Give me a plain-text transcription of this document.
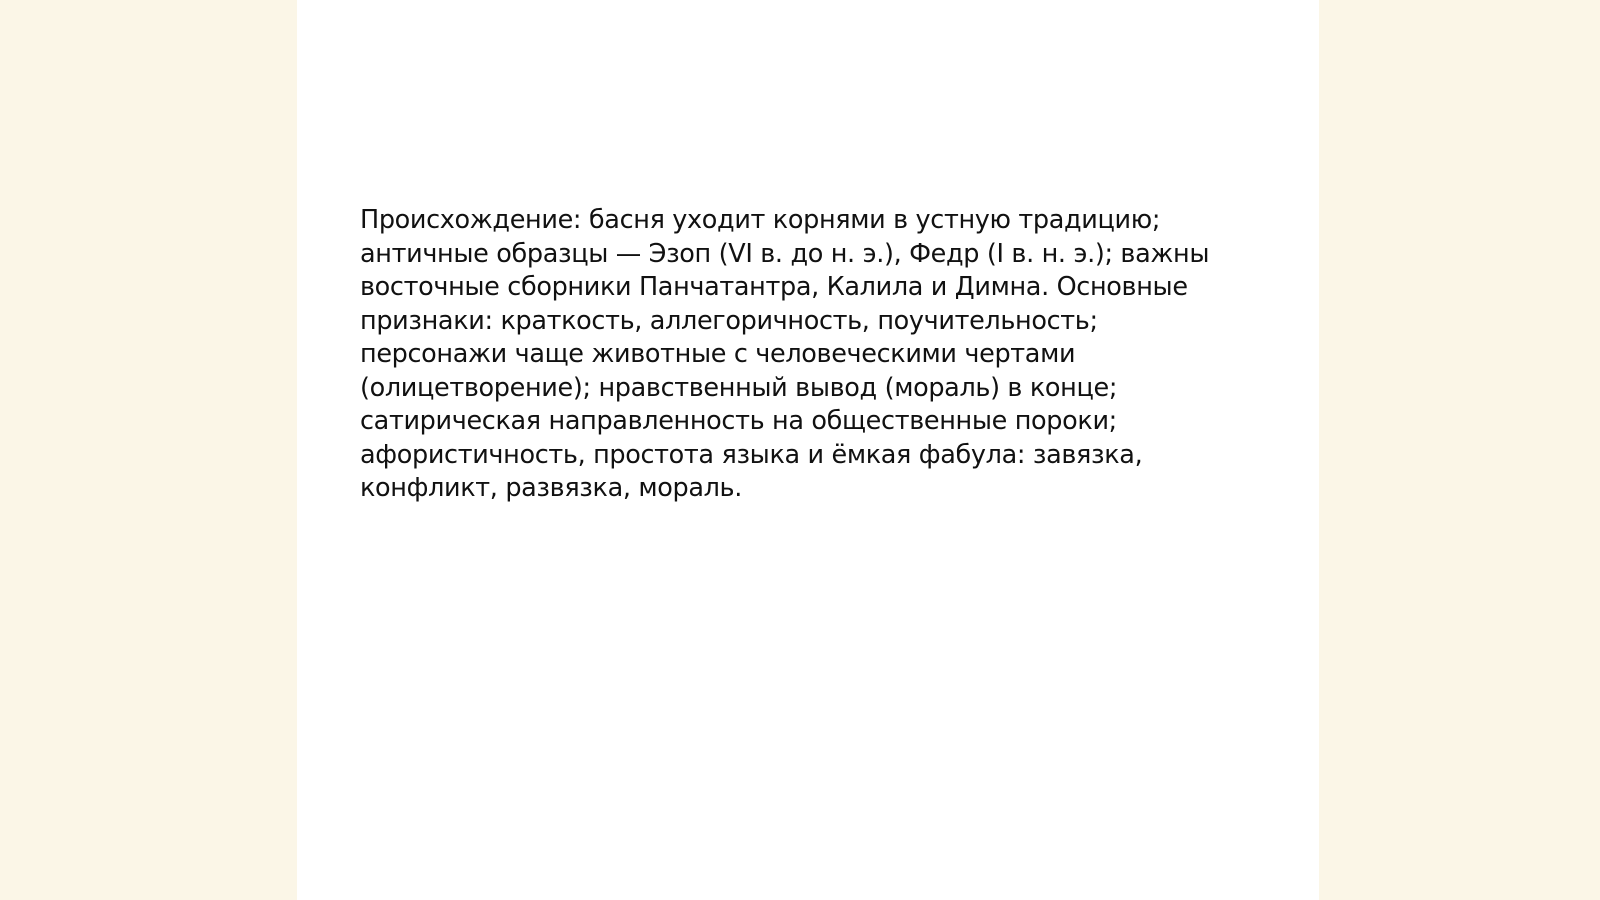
Происхождение: басня уходит корнями в устную традицию;
античные образцы — Эзоп (VI в. до н. э.), Федр (I в. н. э.); важны
восточные сборники Панчатантра, Калила и Димна. Основные
признаки: краткость, аллегоричность, поучительность;
персонажи чаще животные с человеческими чертами
(олицетворение); нравственный вывод (мораль) в конце;
сатирическая направленность на общественные пороки;
афористичность, простота языка и ёмкая фабула: завязка,
конфликт, развязка, мораль.
